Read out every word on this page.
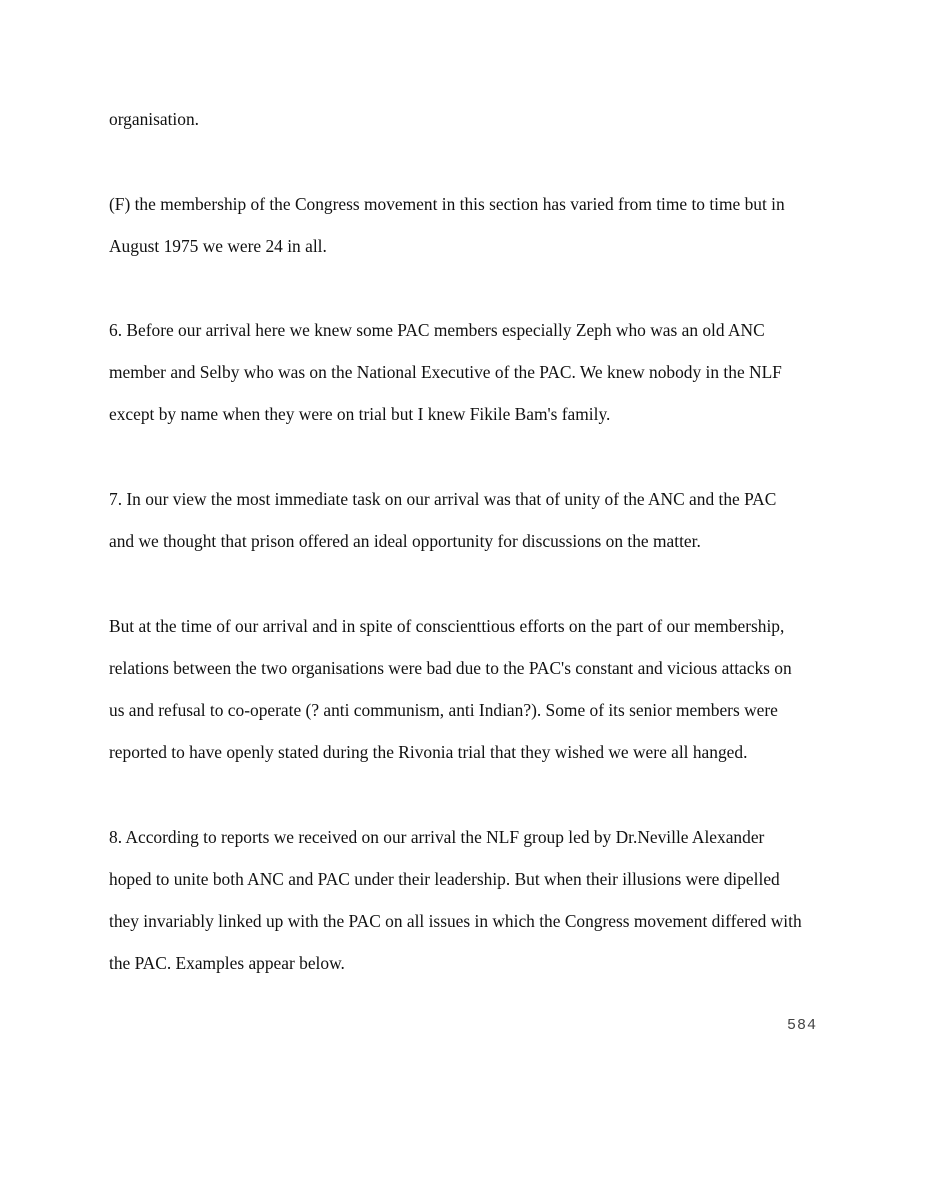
organisation.

(F) the membership of the Congress movement in this section has varied from time to time but in

August 1975 we were 24 in all.

6. Before our arrival here we knew some PAC members especially Zeph who was an old ANC

member and Selby who was on the National Executive of the PAC. We knew nobody in the NLF

except by name when they were on trial but I knew Fikile Bam's family.

7. In our view the most immediate task on our arrival was that of unity of the ANC and the PAC

and we thought that prison offered an ideal opportunity for discussions on the matter.

But at the time of our arrival and in spite of conscienttious efforts on the part of our membership,

relations between the two organisations were bad due to the PAC's constant and vicious attacks on

us and refusal to co-operate (? anti communism, anti Indian?). Some of its senior members were

reported to have openly stated during the Rivonia trial that they wished we were all hanged.

8. According to reports we received on our arrival the NLF group led by Dr.Neville Alexander

hoped to unite both ANC and PAC under their leadership. But when their illusions were dipelled

they invariably linked up with the PAC on all issues in which the Congress movement differed with

the PAC. Examples appear below.

584
